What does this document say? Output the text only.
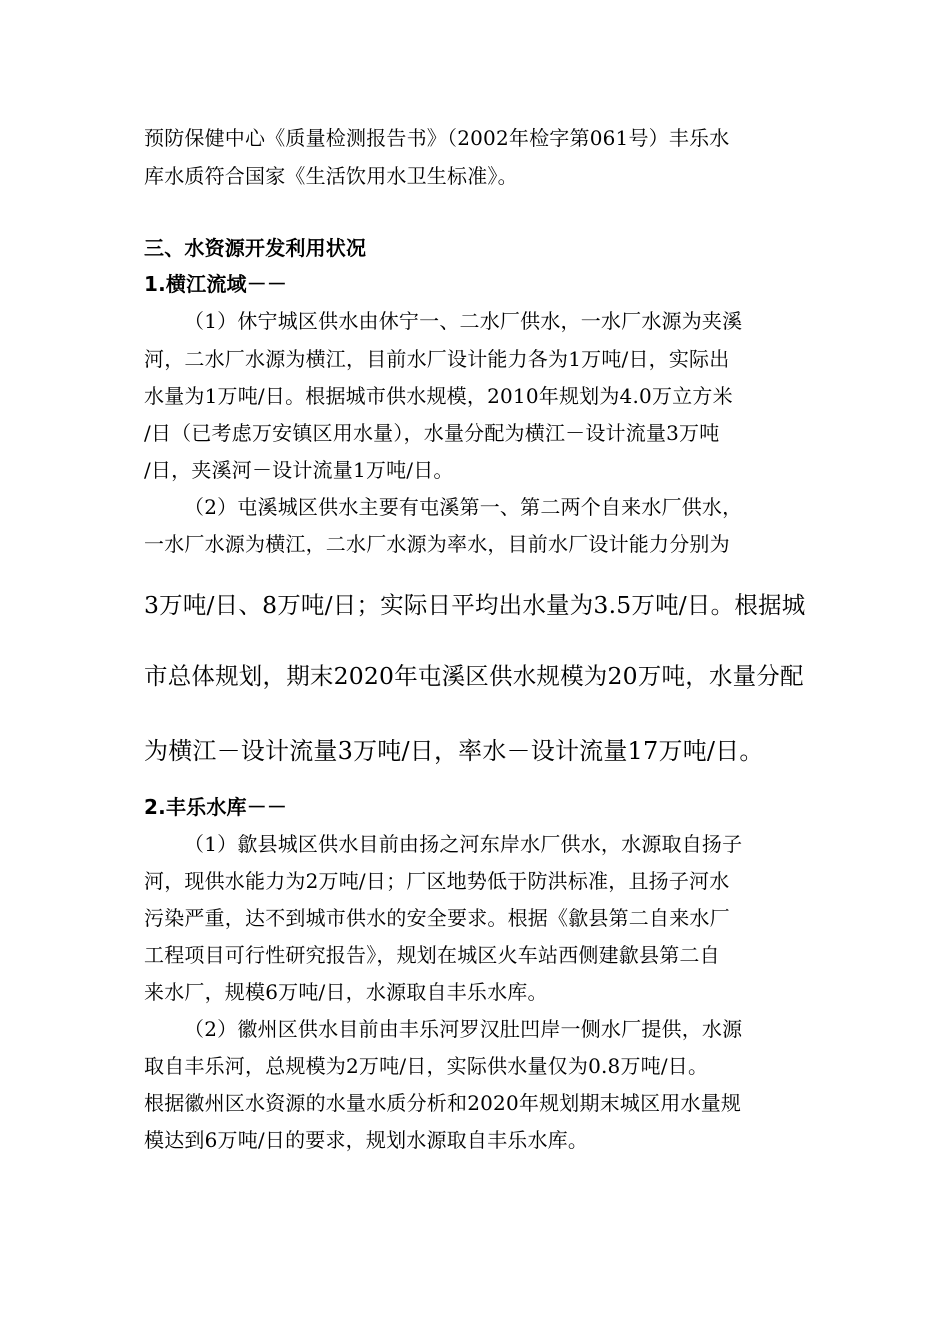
预防保健中心《质量检测报告书》（2002年检字第061号）丰乐水
库水质符合国家《生活饮用水卫生标准》。
三、水资源开发利用状况
1.横江流域－－
（1）休宁城区供水由休宁一、二水厂供水，一水厂水源为夹溪
河，二水厂水源为横江，目前水厂设计能力各为1万吨/日，实际出
水量为1万吨/日。根据城市供水规模，2010年规划为4.0万立方米
/日（已考虑万安镇区用水量），水量分配为横江－设计流量3万吨
/日，夹溪河－设计流量1万吨/日。
（2）屯溪城区供水主要有屯溪第一、第二两个自来水厂供水，
一水厂水源为横江，二水厂水源为率水，目前水厂设计能力分别为
3万吨/日、8万吨/日；实际日平均出水量为3.5万吨/日。根据城
市总体规划，期末2020年屯溪区供水规模为20万吨，水量分配
为横江－设计流量3万吨/日，率水－设计流量17万吨/日。
2.丰乐水库－－
（1）歙县城区供水目前由扬之河东岸水厂供水，水源取自扬子
河，现供水能力为2万吨/日；厂区地势低于防洪标准，且扬子河水
污染严重，达不到城市供水的安全要求。根据《歙县第二自来水厂
工程项目可行性研究报告》，规划在城区火车站西侧建歙县第二自
来水厂，规模6万吨/日，水源取自丰乐水库。
（2）徽州区供水目前由丰乐河罗汉肚凹岸一侧水厂提供，水源
取自丰乐河，总规模为2万吨/日，实际供水量仅为0.8万吨/日。
根据徽州区水资源的水量水质分析和2020年规划期末城区用水量规
模达到6万吨/日的要求，规划水源取自丰乐水库。
